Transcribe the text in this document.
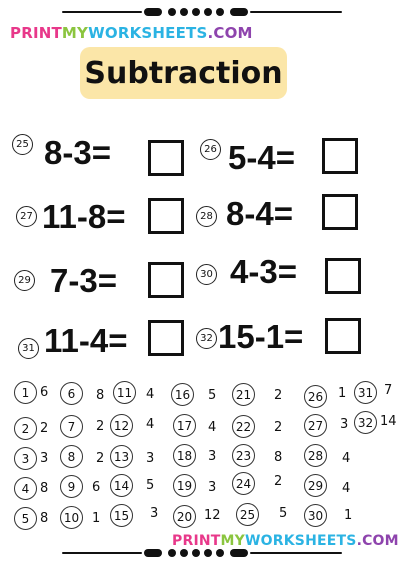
PRINTMYWORKSHEETS.COM
Subtraction
25 8-3=	26 5-4=
27 11-8=	28 8-4=
29 7-3=	30 4-3=
31 11-4=	32 15-1=
1 6
2 2
3 3
4 8
5 8
6	8
7	2
8	2
9	6
10 1
11 4
12 4
13 3
14 5
15 3
16 5
17 4
18 3
19 3
20 12
21 2
22 2
23 8
24 2
25 5
26 1
27 3
28 4
29 4
30 1
31 7
32 14
PRINTMYWORKSHEETS.COM
